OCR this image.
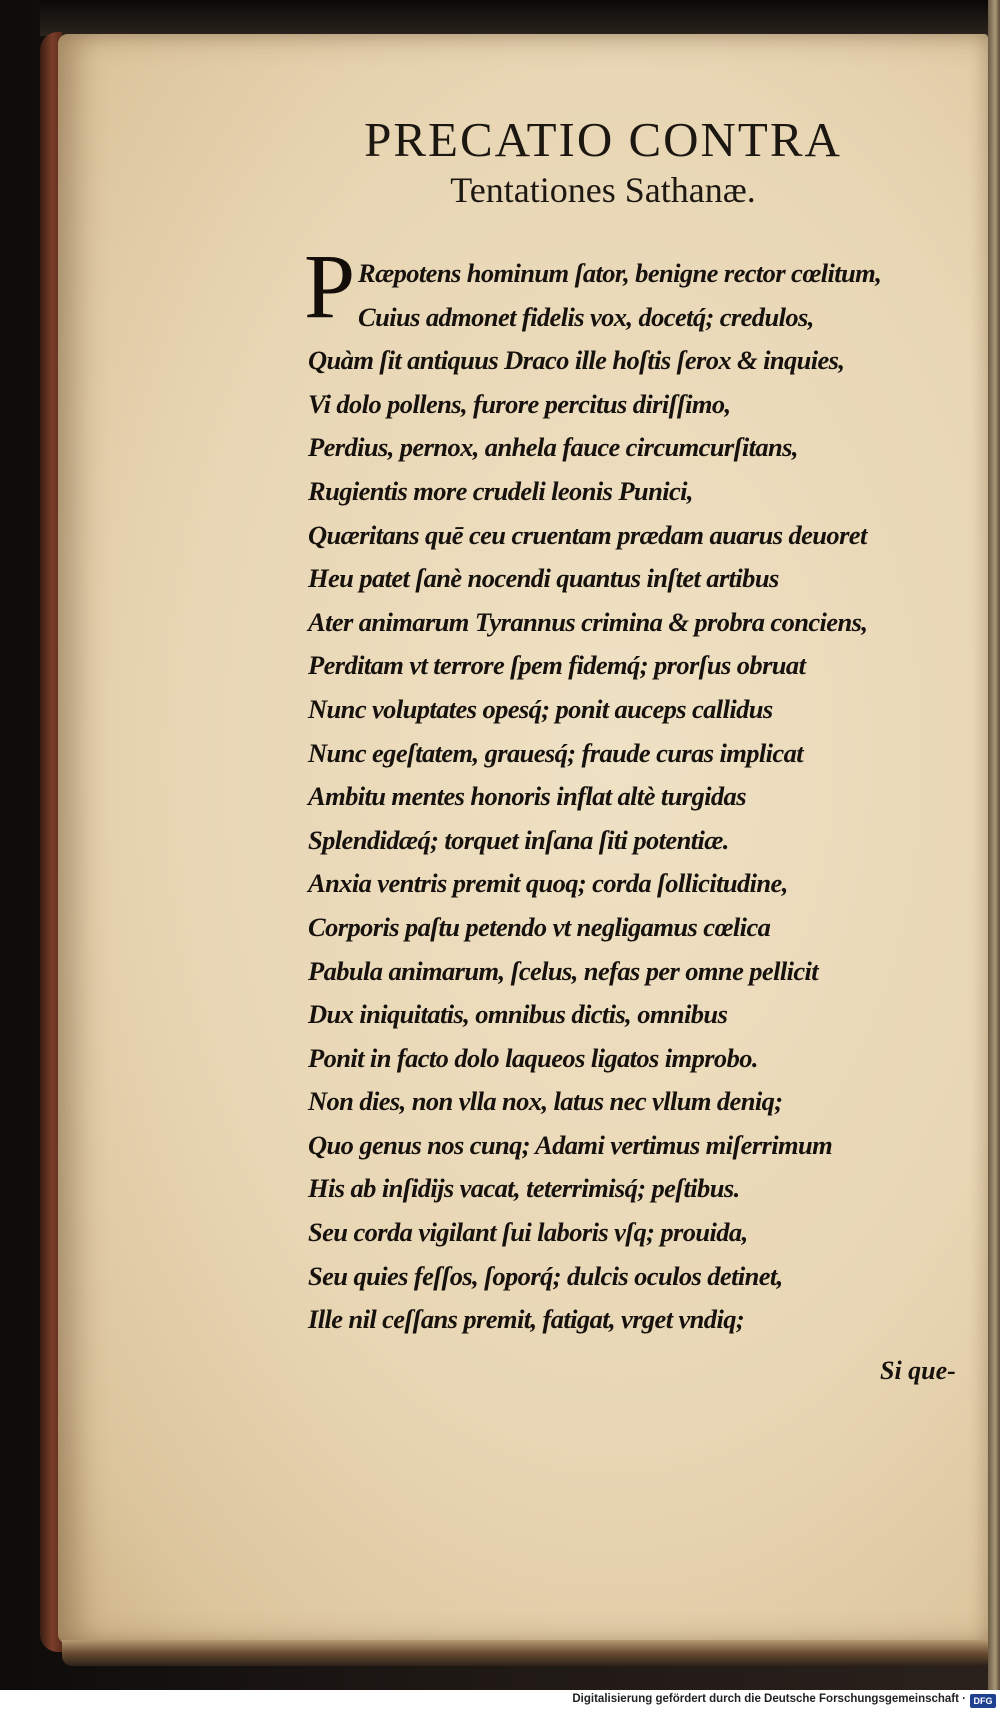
PRECATIO CONTRA
Tentationes Sathanæ.
P Ræpotens hominum ſator, benigne rector cœlitum,
Cuius admonet fidelis vox, docetq́; credulos,
Quàm ſit antiquus Draco ille hoſtis ſerox & inquies,
Vi dolo pollens, furore percitus diriſſimo,
Perdius, pernox, anhela fauce circumcurſitans,
Rugientis more crudeli leonis Punici,
Quæritans quē ceu cruentam prædam auarus deuoret
Heu patet ſanè nocendi quantus inſtet artibus
Ater animarum Tyrannus crimina & probra conciens,
Perditam vt terrore ſpem fidemq́; prorſus obruat
Nunc voluptates opesq́; ponit auceps callidus
Nunc egeſtatem, grauesq́; fraude curas implicat
Ambitu mentes honoris inflat altè turgidas
Splendidæq́; torquet inſana ſiti potentiæ.
Anxia ventris premit quoq; corda ſollicitudine,
Corporis paſtu petendo vt negligamus cœlica
Pabula animarum, ſcelus, nefas per omne pellicit
Dux iniquitatis, omnibus dictis, omnibus
Ponit in facto dolo laqueos ligatos improbo.
Non dies, non vlla nox, latus nec vllum deniq;
Quo genus nos cunq; Adami vertimus miſerrimum
His ab inſidijs vacat, teterrimisq́; peſtibus.
Seu corda vigilant ſui laboris vſq; prouida,
Seu quies feſſos, ſoporq́; dulcis oculos detinet,
Ille nil ceſſans premit, fatigat, vrget vndiq;
Si que-
Digitalisierung gefördert durch die Deutsche Forschungsgemeinschaft · DFG
